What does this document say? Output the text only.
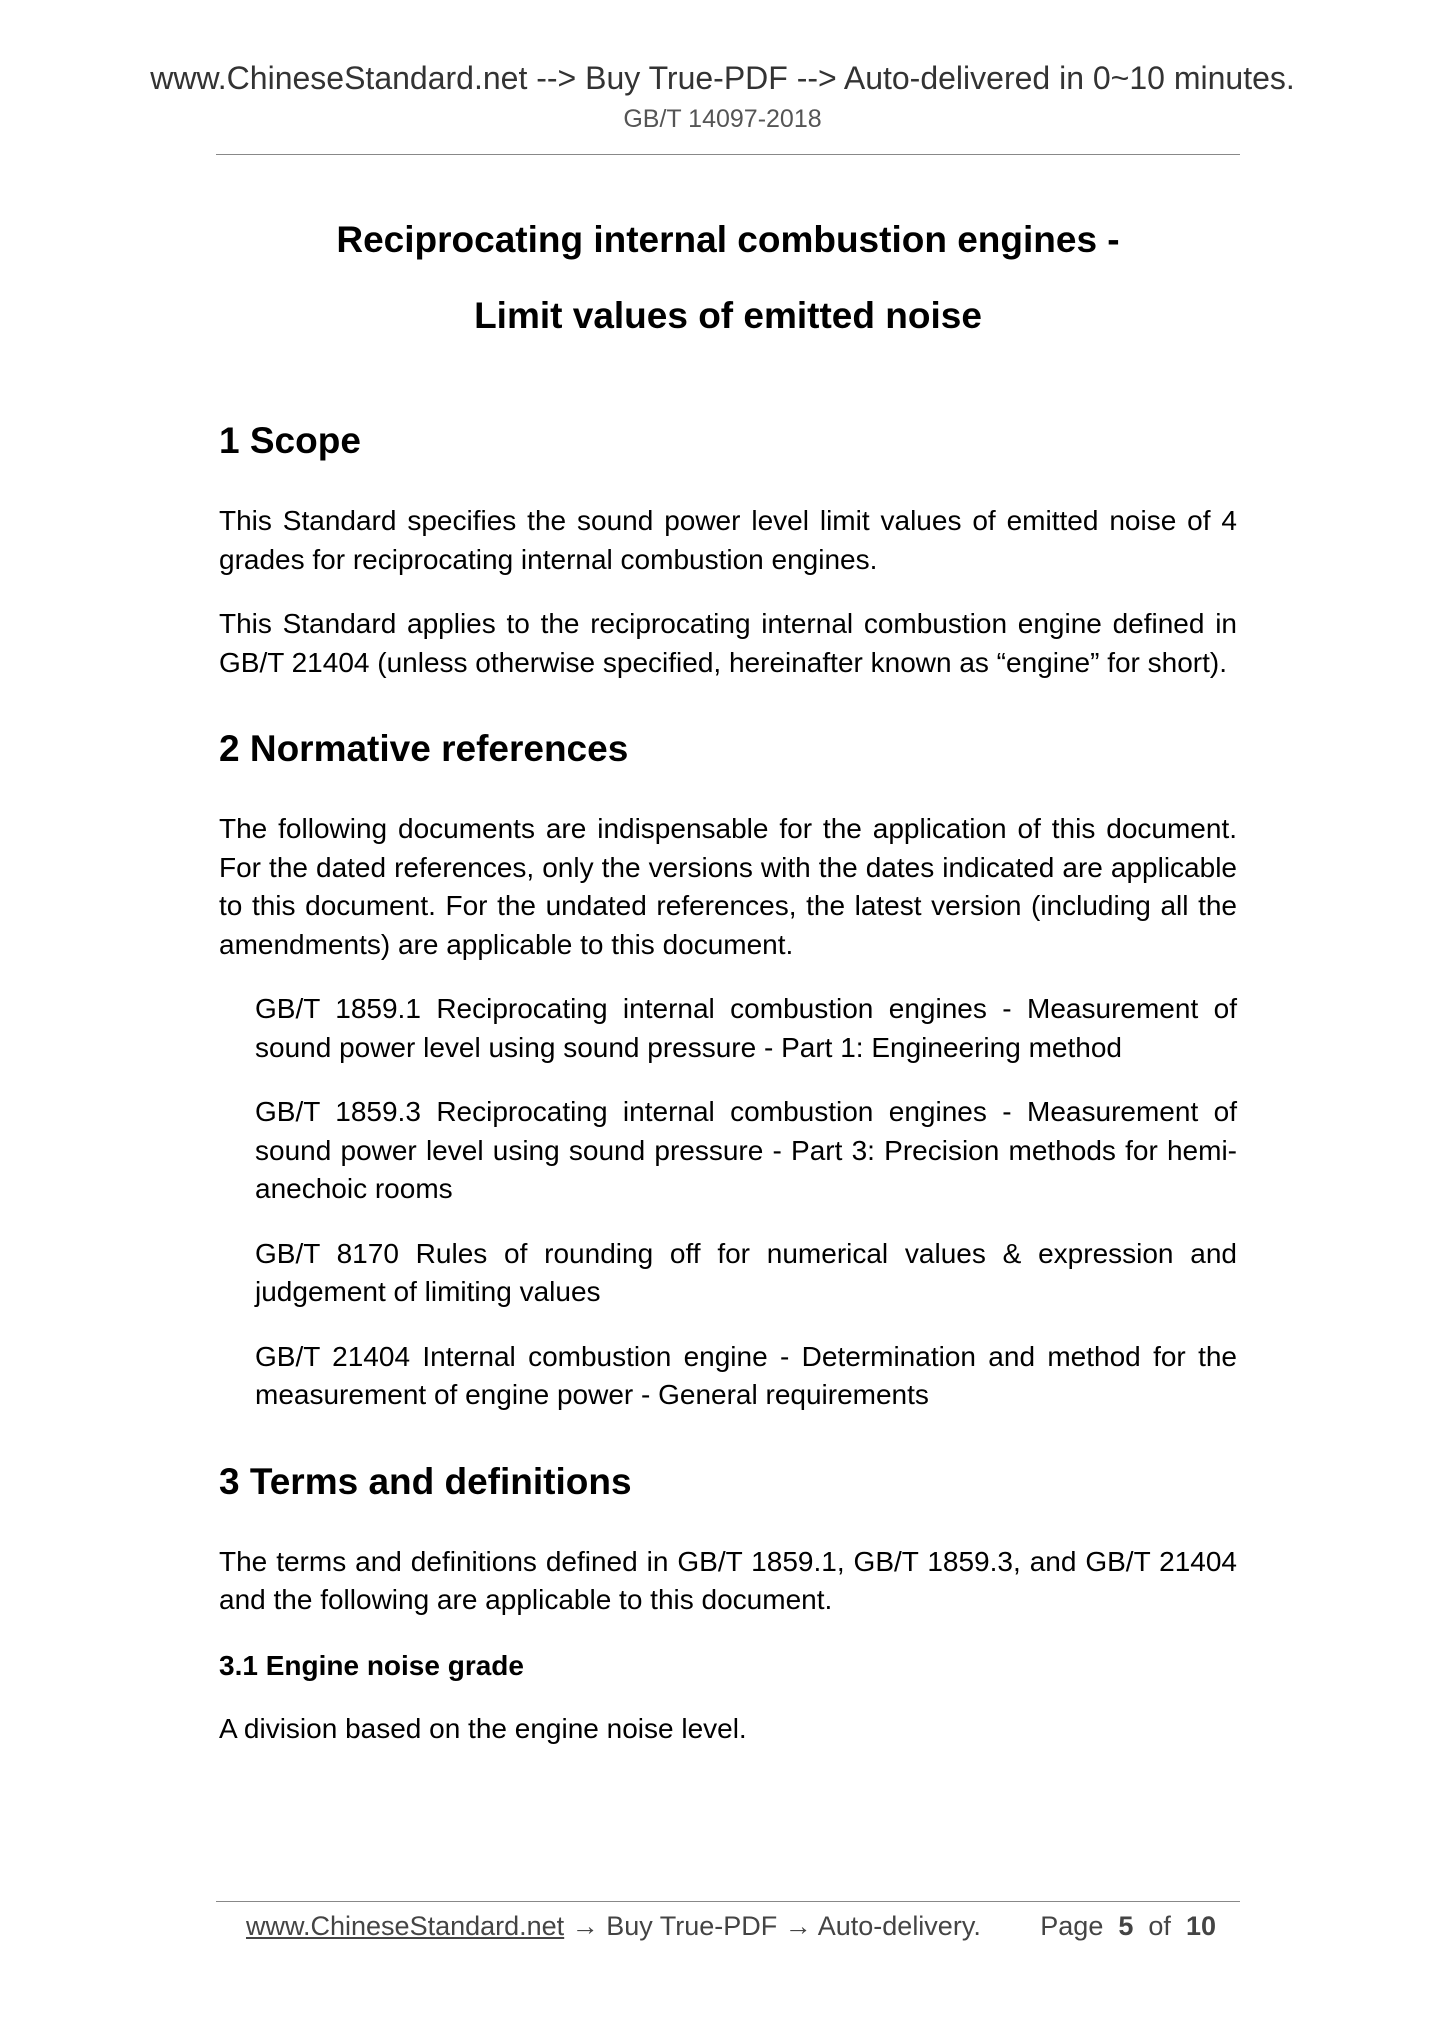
www.ChineseStandard.net --> Buy True-PDF --> Auto-delivered in 0~10 minutes.
GB/T 14097-2018
Reciprocating internal combustion engines -
Limit values of emitted noise
1 Scope

This Standard specifies the sound power level limit values of emitted noise of 4 grades for reciprocating internal combustion engines.

This Standard applies to the reciprocating internal combustion engine defined in GB/T 21404 (unless otherwise specified, hereinafter known as “engine” for short).

2 Normative references

The following documents are indispensable for the application of this document. For the dated references, only the versions with the dates indicated are applicable to this document. For the undated references, the latest version (including all the amendments) are applicable to this document.

GB/T 1859.1 Reciprocating internal combustion engines - Measurement of sound power level using sound pressure - Part 1: Engineering method

GB/T 1859.3 Reciprocating internal combustion engines - Measurement of sound power level using sound pressure - Part 3: Precision methods for hemi-anechoic rooms

GB/T 8170 Rules of rounding off for numerical values & expression and judgement of limiting values

GB/T 21404 Internal combustion engine - Determination and method for the measurement of engine power - General requirements

3 Terms and definitions

The terms and definitions defined in GB/T 1859.1, GB/T 1859.3, and GB/T 21404 and the following are applicable to this document.

3.1 Engine noise grade

A division based on the engine noise level.

www.ChineseStandard.net → Buy True-PDF → Auto-delivery. Page 5 of 10
